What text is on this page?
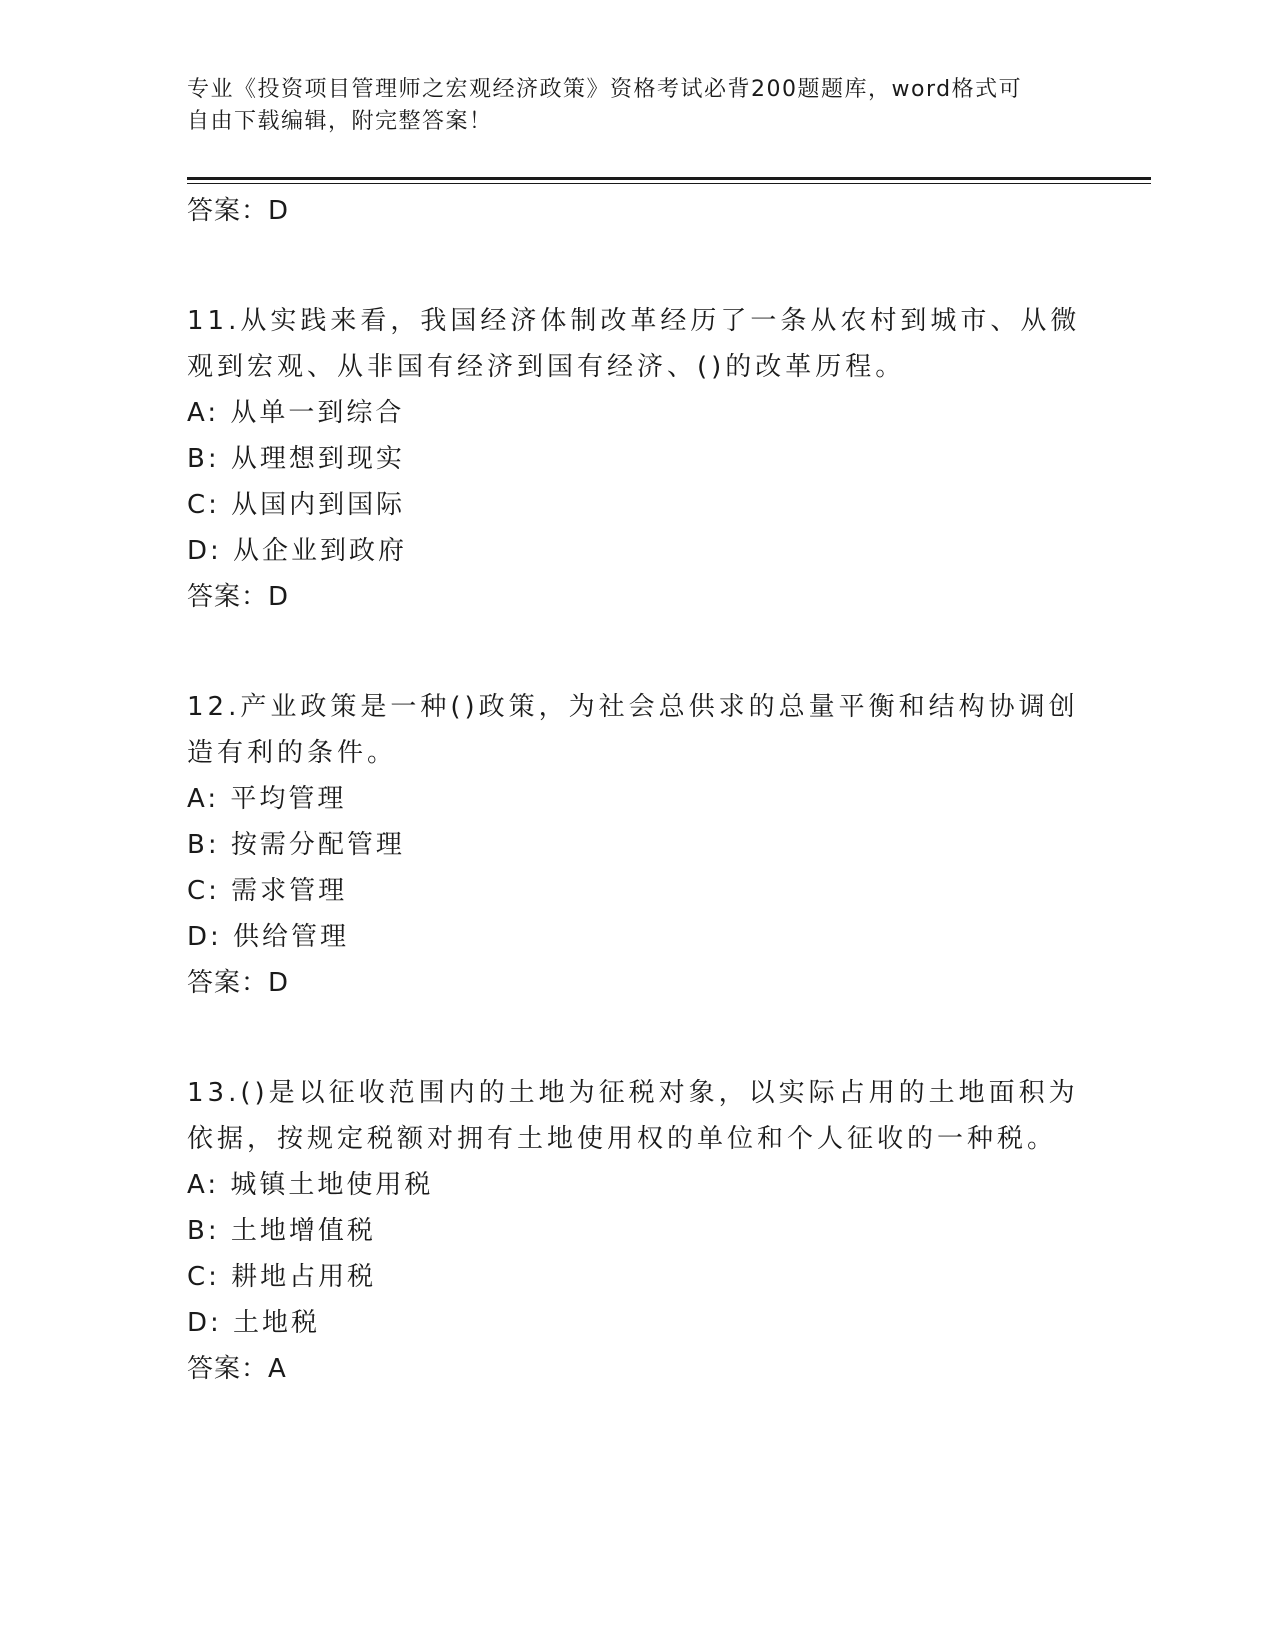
专业《投资项目管理师之宏观经济政策》资格考试必背200题题库，word格式可
自由下载编辑，附完整答案！
答案：D
11.从实践来看，我国经济体制改革经历了一条从农村到城市、从微观到宏观、从非国有经济到国有经济、()的改革历程。
A: 从单一到综合
B: 从理想到现实
C: 从国内到国际
D: 从企业到政府
答案：D
12.产业政策是一种()政策，为社会总供求的总量平衡和结构协调创造有利的条件。
A: 平均管理
B: 按需分配管理
C: 需求管理
D: 供给管理
答案：D
13.()是以征收范围内的土地为征税对象，以实际占用的土地面积为依据，按规定税额对拥有土地使用权的单位和个人征收的一种税。
A: 城镇土地使用税
B: 土地增值税
C: 耕地占用税
D: 土地税
答案：A
